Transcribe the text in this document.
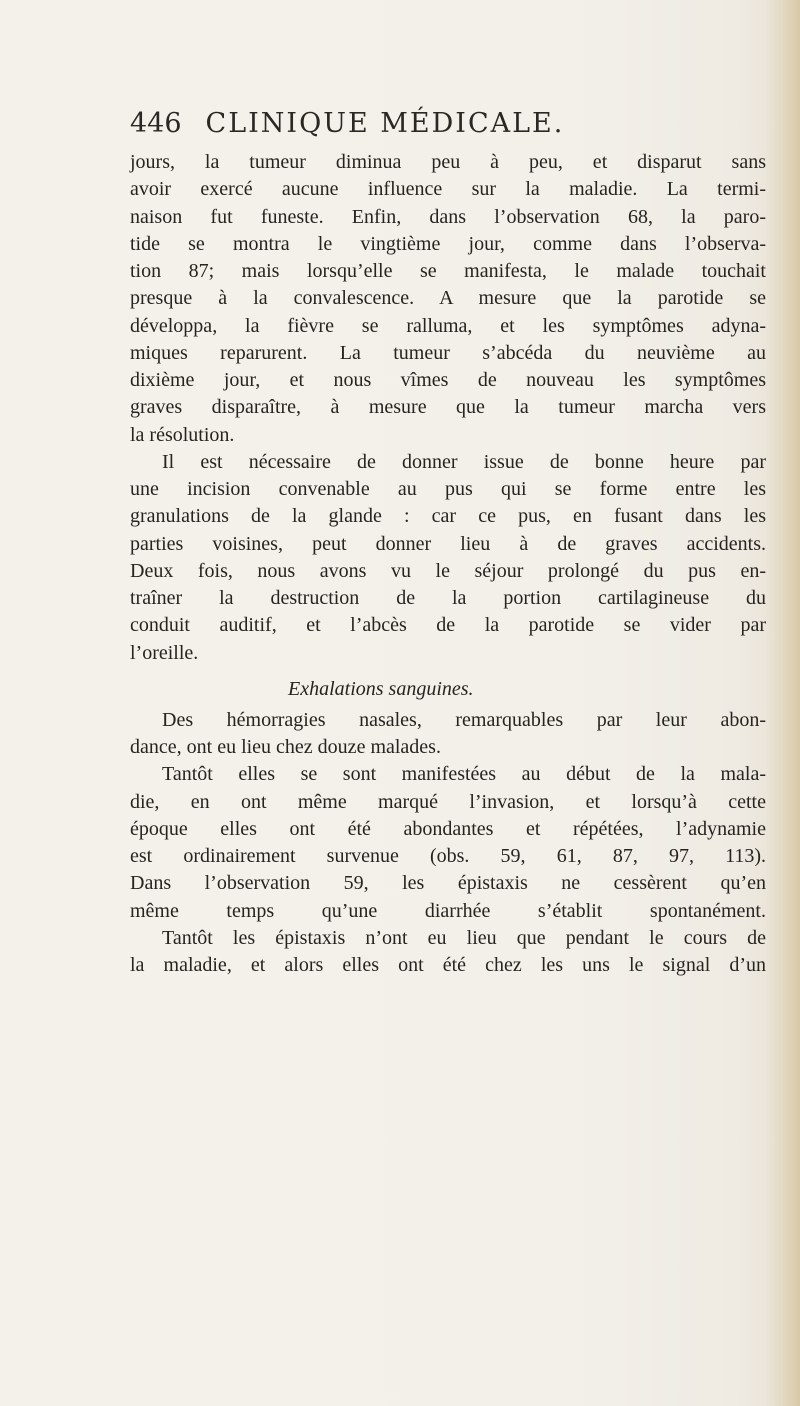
446 CLINIQUE MÉDICALE.
jours, la tumeur diminua peu à peu, et disparut sans
avoir exercé aucune influence sur la maladie. La termi-
naison fut funeste. Enfin, dans l’observation 68, la paro-
tide se montra le vingtième jour, comme dans l’observa-
tion 87; mais lorsqu’elle se manifesta, le malade touchait
presque à la convalescence. A mesure que la parotide se
développa, la fièvre se ralluma, et les symptômes adyna-
miques reparurent. La tumeur s’abcéda du neuvième au
dixième jour, et nous vîmes de nouveau les symptômes
graves disparaître, à mesure que la tumeur marcha vers
la résolution.
Il est nécessaire de donner issue de bonne heure par
une incision convenable au pus qui se forme entre les
granulations de la glande : car ce pus, en fusant dans les
parties voisines, peut donner lieu à de graves accidents.
Deux fois, nous avons vu le séjour prolongé du pus en-
traîner la destruction de la portion cartilagineuse du
conduit auditif, et l’abcès de la parotide se vider par
l’oreille.
Exhalations sanguines.
Des hémorragies nasales, remarquables par leur abon-
dance, ont eu lieu chez douze malades.
Tantôt elles se sont manifestées au début de la mala-
die, en ont même marqué l’invasion, et lorsqu’à cette
époque elles ont été abondantes et répétées, l’adynamie
est ordinairement survenue (obs. 59, 61, 87, 97, 113).
Dans l’observation 59, les épistaxis ne cessèrent qu’en
même temps qu’une diarrhée s’établit spontanément.
Tantôt les épistaxis n’ont eu lieu que pendant le cours de
la maladie, et alors elles ont été chez les uns le signal d’un
